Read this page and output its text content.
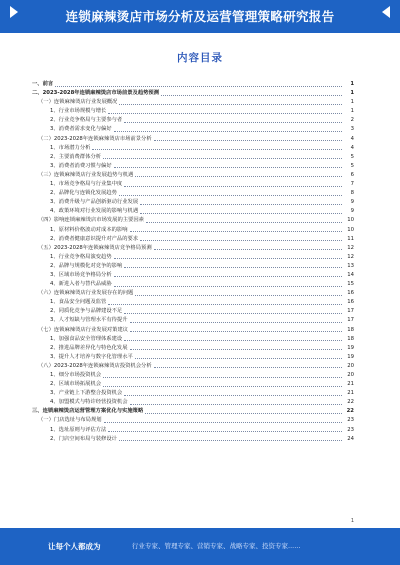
连锁麻辣烫店市场分析及运营管理策略研究报告
内容目录
一、前言	1
二、2023-2028年连锁麻辣烫店市场前景及趋势预测	1
（一）连锁麻辣烫店行业发展概况	1
1、行业市场规模与增长	1
2、行业竞争格局与主要参与者	2
3、消费者需求变化与偏好	3
（二）2023-2028年连锁麻辣烫店市场前景分析	4
1、市场潜力分析	4
2、主要消费群体分析	5
3、消费者消费习惯与偏好	5
（三）连锁麻辣烫店行业发展趋势与机遇	6
1、市场竞争格局与行业集中度	7
2、品牌化与连锁化发展趋势	8
3、消费升级与产品创新驱动行业发展	9
4、政策环境对行业发展的影响与机遇	9
（四）影响连锁麻辣烫店市场发展的主要因素	10
1、原材料价格波动对成本的影响	10
2、消费者健康意识提升对产品的要求	11
（五）2023-2028年连锁麻辣烫店竞争格局预测	12
1、行业竞争格局演变趋势	12
2、品牌与规模化对竞争的影响	13
3、区域市场竞争格局分析	14
4、新进入者与替代品威胁	15
（六）连锁麻辣烫店行业发展存在的问题	16
1、食品安全问题及监管	16
2、同质化竞争与品牌建设不足	17
3、人才短缺与管理水平有待提升	17
（七）连锁麻辣烫店行业发展对策建议	18
1、加强食品安全管理体系建设	18
2、推进品牌差异化与特色化发展	19
3、提升人才培养与数字化管理水平	19
（八）2023-2028年连锁麻辣烫店投资机会分析	20
1、细分市场投资机会	20
2、区域市场拓展机会	21
3、产业链上下游整合投资机会	21
4、加盟模式与特许经营投资机会	22
三、连锁麻辣烫店运营管理方案优化与实施策略	22
（一）门店选址与布局规划	23
1、选址原则与评估方法	23
2、门店空间布局与装修设计	24
1
让每个人都成为	行业专家、管理专家、营销专家、战略专家、投资专家......
